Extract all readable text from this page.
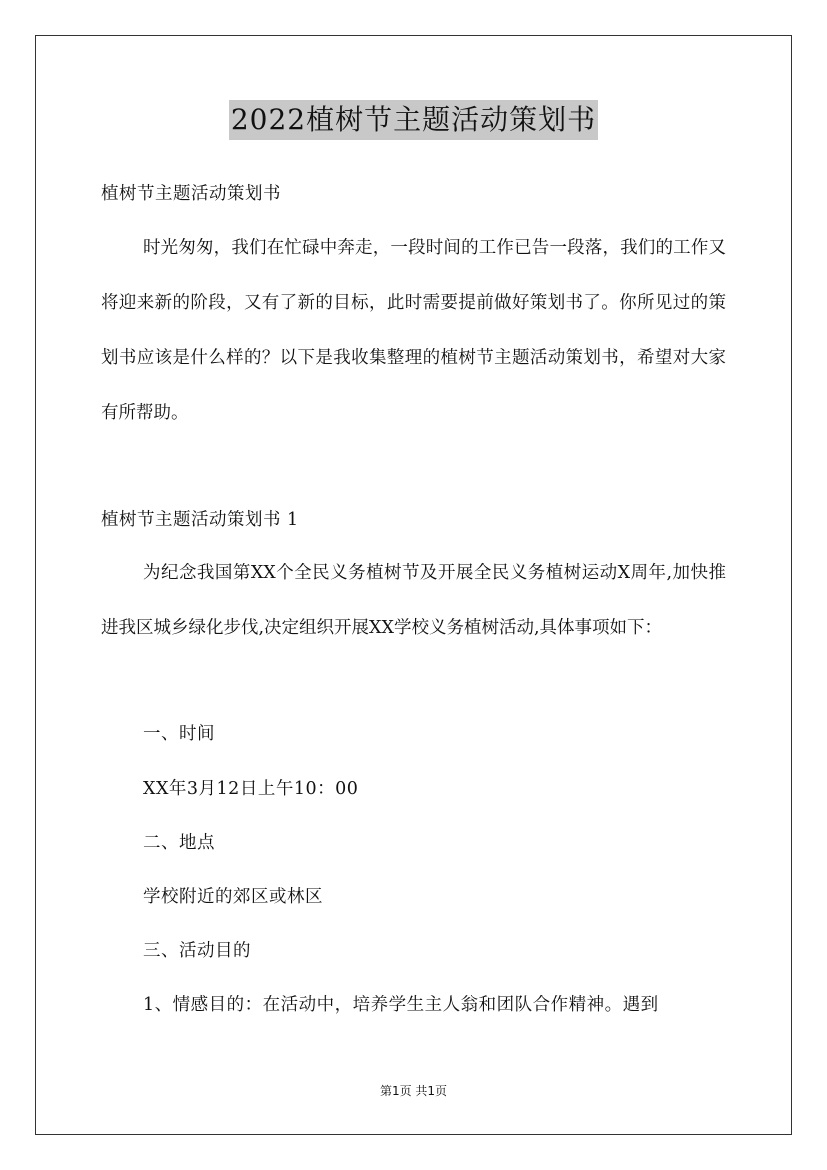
2022植树节主题活动策划书
植树节主题活动策划书
时光匆匆，我们在忙碌中奔走，一段时间的工作已告一段落，我们的工作又将迎来新的阶段，又有了新的目标，此时需要提前做好策划书了。你所见过的策划书应该是什么样的？以下是我收集整理的植树节主题活动策划书，希望对大家有所帮助。
植树节主题活动策划书 1
为纪念我国第XX个全民义务植树节及开展全民义务植树运动X周年,加快推进我区城乡绿化步伐,决定组织开展XX学校义务植树活动,具体事项如下：
一、时间
XX年3月12日上午10：00
二、地点
学校附近的郊区或林区
三、活动目的
1、情感目的：在活动中，培养学生主人翁和团队合作精神。遇到
第1页 共1页
